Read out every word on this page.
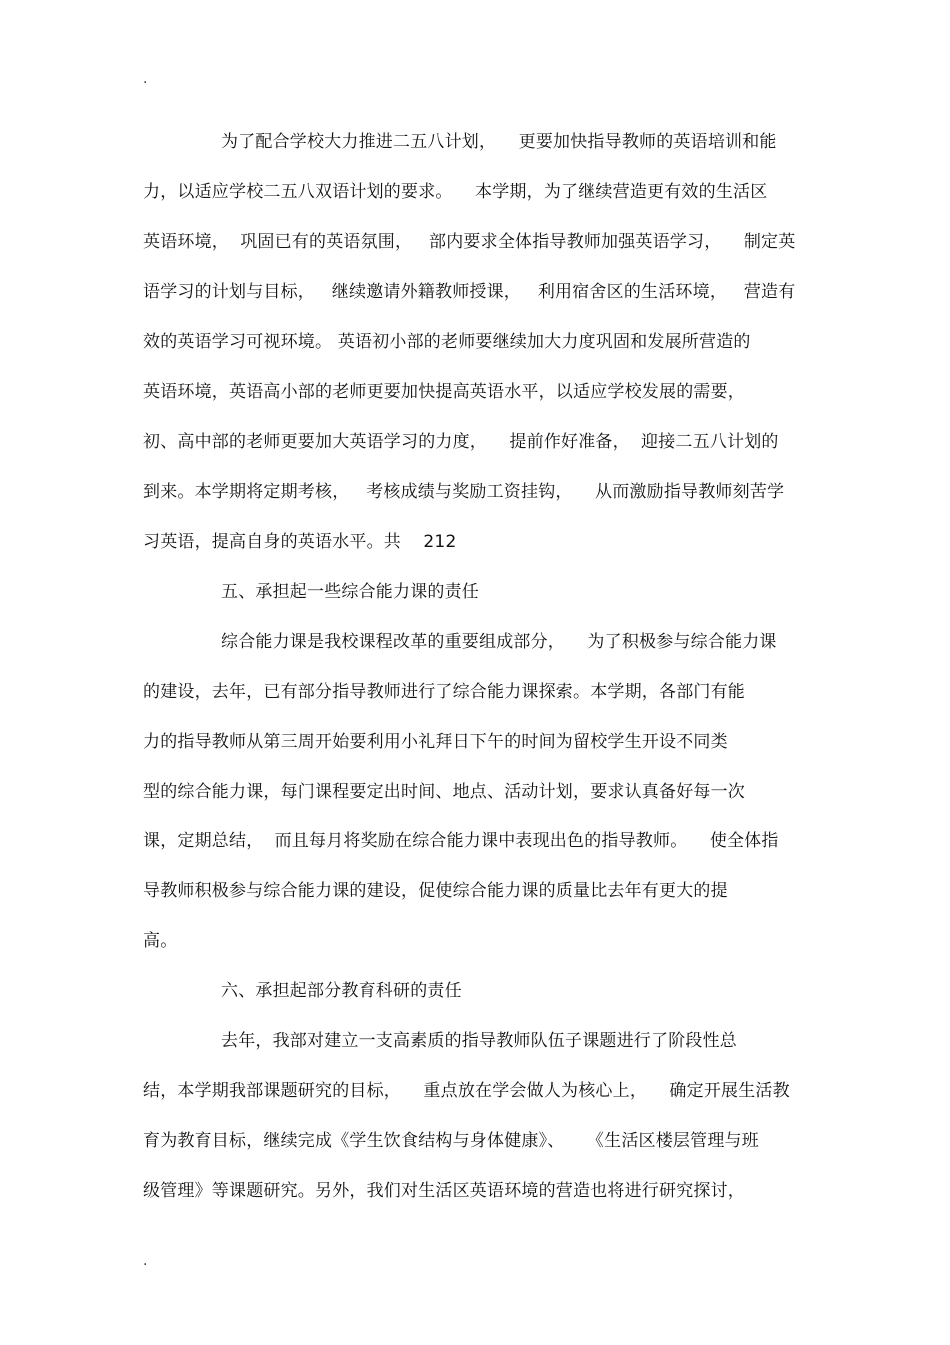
.
为了配合学校大力推进二五八计划，    更要加快指导教师的英语培训和能
力，以适应学校二五八双语计划的要求。    本学期，为了继续营造更有效的生活区
英语环境，  巩固已有的英语氛围，   部内要求全体指导教师加强英语学习，    制定英
语学习的计划与目标，   继续邀请外籍教师授课，   利用宿舍区的生活环境，   营造有
效的英语学习可视环境。 英语初小部的老师要继续加大力度巩固和发展所营造的
英语环境，英语高小部的老师更要加快提高英语水平，以适应学校发展的需要，
初、高中部的老师更要加大英语学习的力度，    提前作好准备，  迎接二五八计划的
到来。本学期将定期考核，   考核成绩与奖励工资挂钩，    从而激励指导教师刻苦学
习英语，提高自身的英语水平。共    212
五、承担起一些综合能力课的责任
综合能力课是我校课程改革的重要组成部分，    为了积极参与综合能力课
的建设，去年，已有部分指导教师进行了综合能力课探索。本学期，各部门有能
力的指导教师从第三周开始要利用小礼拜日下午的时间为留校学生开设不同类
型的综合能力课，每门课程要定出时间、地点、活动计划，要求认真备好每一次
课，定期总结，  而且每月将奖励在综合能力课中表现出色的指导教师。    使全体指
导教师积极参与综合能力课的建设，促使综合能力课的质量比去年有更大的提
高。
六、承担起部分教育科研的责任
去年，我部对建立一支高素质的指导教师队伍子课题进行了阶段性总
结，本学期我部课题研究的目标，    重点放在学会做人为核心上，    确定开展生活教
育为教育目标，继续完成《学生饮食结构与身体健康》、    《生活区楼层管理与班
级管理》等课题研究。另外，我们对生活区英语环境的营造也将进行研究探讨，
.
